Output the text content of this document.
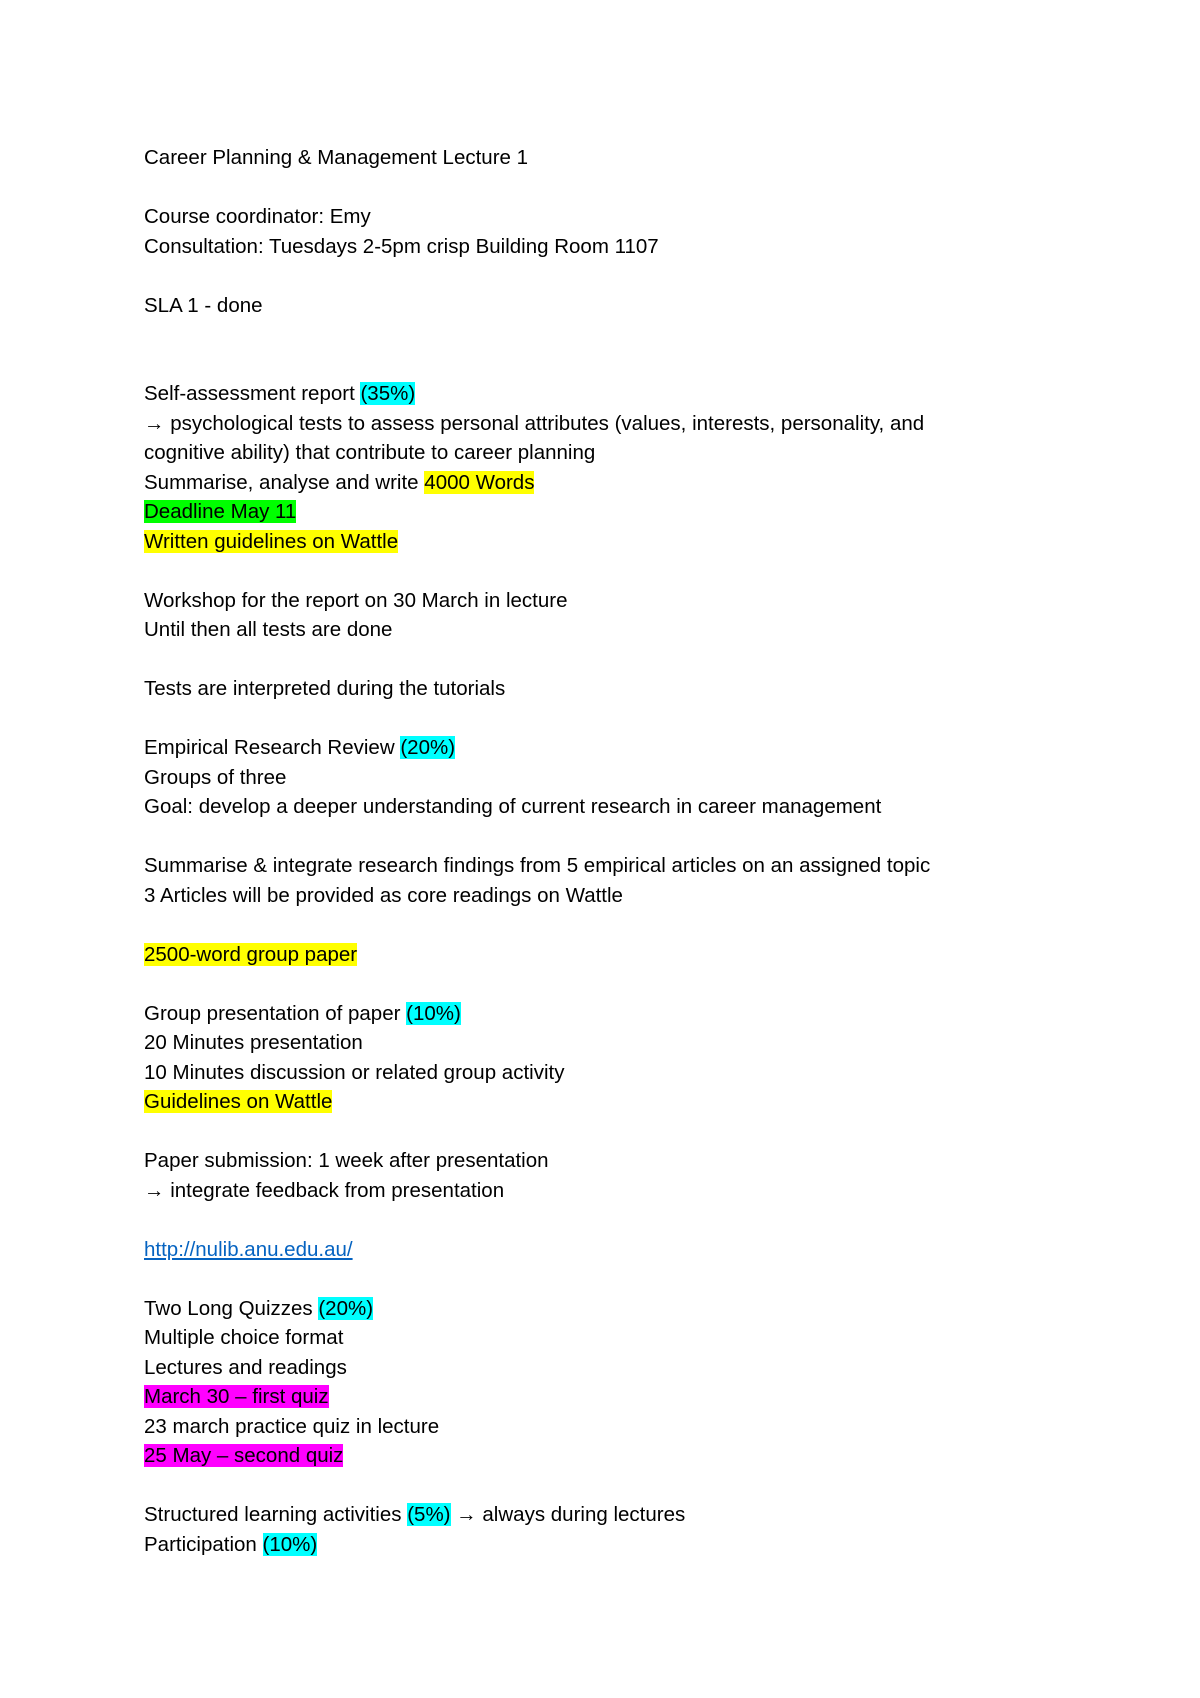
Career Planning & Management Lecture 1
Course coordinator: Emy
Consultation: Tuesdays 2-5pm crisp Building Room 1107
SLA 1 - done
Self-assessment report (35%)
→ psychological tests to assess personal attributes (values, interests, personality, and
cognitive ability) that contribute to career planning
Summarise, analyse and write 4000 Words
Deadline May 11
Written guidelines on Wattle
Workshop for the report on 30 March in lecture
Until then all tests are done
Tests are interpreted during the tutorials
Empirical Research Review (20%)
Groups of three
Goal: develop a deeper understanding of current research in career management
Summarise & integrate research findings from 5 empirical articles on an assigned topic
3 Articles will be provided as core readings on Wattle
2500-word group paper
Group presentation of paper (10%)
20 Minutes presentation
10 Minutes discussion or related group activity
Guidelines on Wattle
Paper submission: 1 week after presentation
→ integrate feedback from presentation
http://nulib.anu.edu.au/
Two Long Quizzes (20%)
Multiple choice format
Lectures and readings
March 30 – first quiz
23 march practice quiz in lecture
25 May – second quiz
Structured learning activities (5%) → always during lectures
Participation (10%)
